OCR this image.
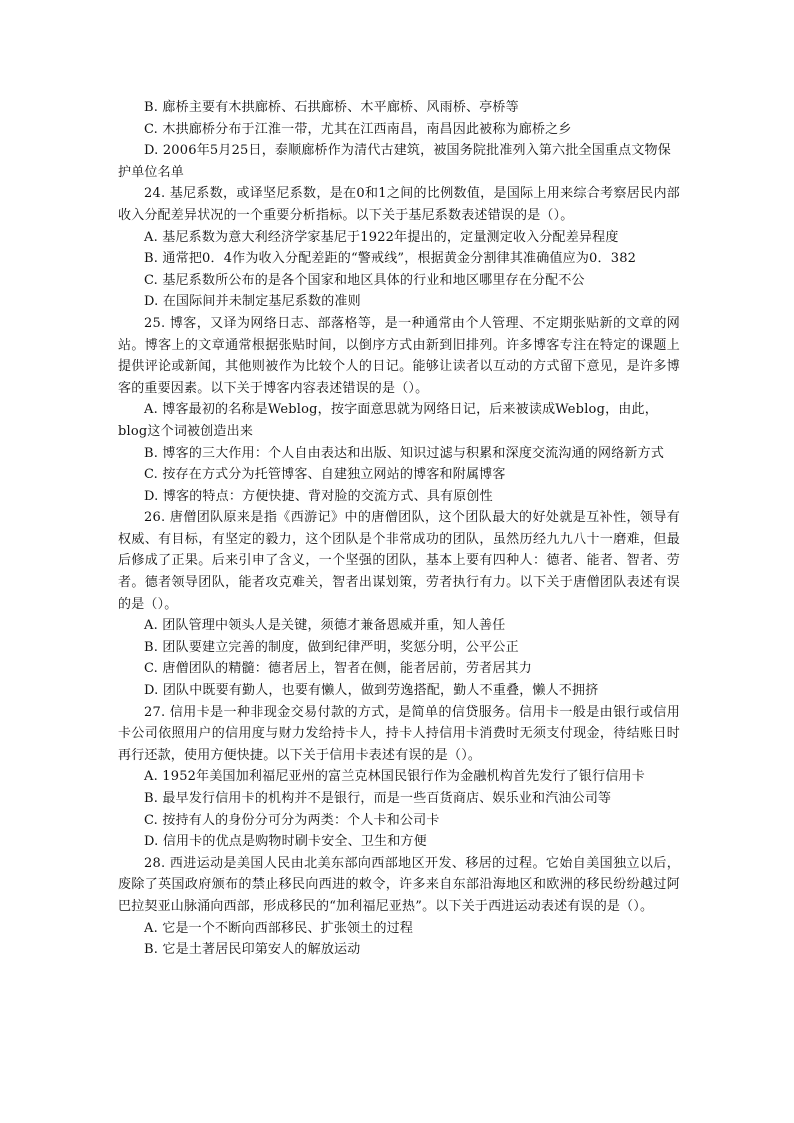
B. 廊桥主要有木拱廊桥、石拱廊桥、木平廊桥、风雨桥、亭桥等

C. 木拱廊桥分布于江淮一带，尤其在江西南昌，南昌因此被称为廊桥之乡

D. 2006年5月25日，泰顺廊桥作为清代古建筑，被国务院批准列入第六批全国重点文物保护单位名单

24. 基尼系数，或译坚尼系数，是在0和1之间的比例数值，是国际上用来综合考察居民内部收入分配差异状况的一个重要分析指标。以下关于基尼系数表述错误的是（）。

A. 基尼系数为意大利经济学家基尼于1922年提出的，定量测定收入分配差异程度

B. 通常把0．4作为收入分配差距的“警戒线”，根据黄金分割律其准确值应为0．382

C. 基尼系数所公布的是各个国家和地区具体的行业和地区哪里存在分配不公

D. 在国际间并未制定基尼系数的准则

25. 博客，又译为网络日志、部落格等，是一种通常由个人管理、不定期张贴新的文章的网站。博客上的文章通常根据张贴时间，以倒序方式由新到旧排列。许多博客专注在特定的课题上提供评论或新闻，其他则被作为比较个人的日记。能够让读者以互动的方式留下意见，是许多博客的重要因素。以下关于博客内容表述错误的是（）。

A. 博客最初的名称是Weblog，按字面意思就为网络日记，后来被读成Weblog，由此，blog这个词被创造出来

B. 博客的三大作用：个人自由表达和出版、知识过滤与积累和深度交流沟通的网络新方式

C. 按存在方式分为托管博客、自建独立网站的博客和附属博客

D. 博客的特点：方便快捷、背对脸的交流方式、具有原创性

26. 唐僧团队原来是指《西游记》中的唐僧团队，这个团队最大的好处就是互补性，领导有权威、有目标，有坚定的毅力，这个团队是个非常成功的团队，虽然历经九九八十一磨难，但最后修成了正果。后来引申了含义，一个坚强的团队，基本上要有四种人：德者、能者、智者、劳者。德者领导团队，能者攻克难关，智者出谋划策，劳者执行有力。以下关于唐僧团队表述有误的是（）。

A. 团队管理中领头人是关键，须德才兼备恩威并重，知人善任

B. 团队要建立完善的制度，做到纪律严明，奖惩分明，公平公正

C. 唐僧团队的精髓：德者居上，智者在侧，能者居前，劳者居其力

D. 团队中既要有勤人，也要有懒人，做到劳逸搭配，勤人不重叠，懒人不拥挤

27. 信用卡是一种非现金交易付款的方式，是简单的信贷服务。信用卡一般是由银行或信用卡公司依照用户的信用度与财力发给持卡人，持卡人持信用卡消费时无须支付现金，待结账日时再行还款，使用方便快捷。以下关于信用卡表述有误的是（）。

A. 1952年美国加利福尼亚州的富兰克林国民银行作为金融机构首先发行了银行信用卡

B. 最早发行信用卡的机构并不是银行，而是一些百货商店、娱乐业和汽油公司等

C. 按持有人的身份分可分为两类：个人卡和公司卡

D. 信用卡的优点是购物时刷卡安全、卫生和方便

28. 西进运动是美国人民由北美东部向西部地区开发、移居的过程。它始自美国独立以后，废除了英国政府颁布的禁止移民向西进的敕令，许多来自东部沿海地区和欧洲的移民纷纷越过阿巴拉契亚山脉涌向西部，形成移民的“加利福尼亚热”。以下关于西进运动表述有误的是（）。

A. 它是一个不断向西部移民、扩张领土的过程

B. 它是土著居民印第安人的解放运动
